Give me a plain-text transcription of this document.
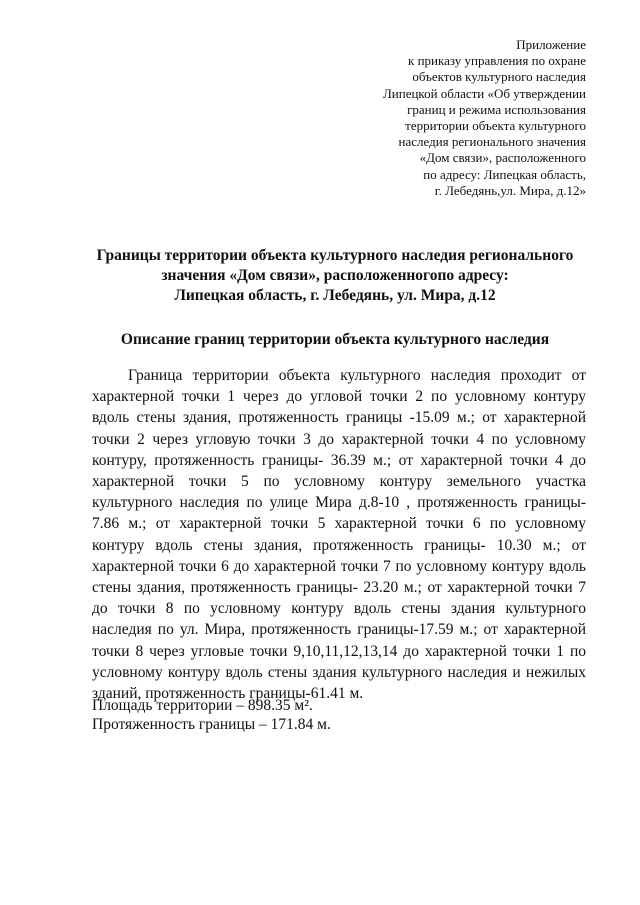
Приложение
к приказу управления по охране
объектов культурного наследия
Липецкой области «Об утверждении
границ и режима использования
территории объекта культурного
наследия регионального значения
«Дом связи», расположенного
по адресу: Липецкая область,
г. Лебедянь,ул. Мира, д.12»
Границы территории объекта культурного наследия регионального
значения «Дом связи», расположенногопо адресу:
Липецкая область, г. Лебедянь, ул. Мира, д.12
Описание границ территории объекта культурного наследия

Граница территории объекта культурного наследия проходит от характерной точки 1 через до угловой точки 2 по условному контуру вдоль стены здания, протяженность границы -15.09 м.; от характерной точки 2 через угловую точки 3 до характерной точки 4 по условному контуру, протяженность границы- 36.39 м.; от характерной точки 4 до характерной точки 5 по условному контуру земельного участка культурного наследия по улице Мира д.8-10 , протяженность границы- 7.86 м.; от характерной точки 5 характерной точки 6 по условному контуру вдоль стены здания, протяженность границы- 10.30 м.; от характерной точки 6 до характерной точки 7 по условному контуру вдоль стены здания, протяженность границы- 23.20 м.; от характерной точки 7 до точки 8 по условному контуру вдоль стены здания культурного наследия по ул. Мира, протяженность границы-17.59 м.; от характерной точки 8 через угловые точки 9,10,11,12,13,14 до характерной точки 1 по условному контуру вдоль стены здания культурного наследия и нежилых зданий, протяженность границы-61.41 м.

Площадь территории – 898.35 м².
Протяженность границы – 171.84 м.
